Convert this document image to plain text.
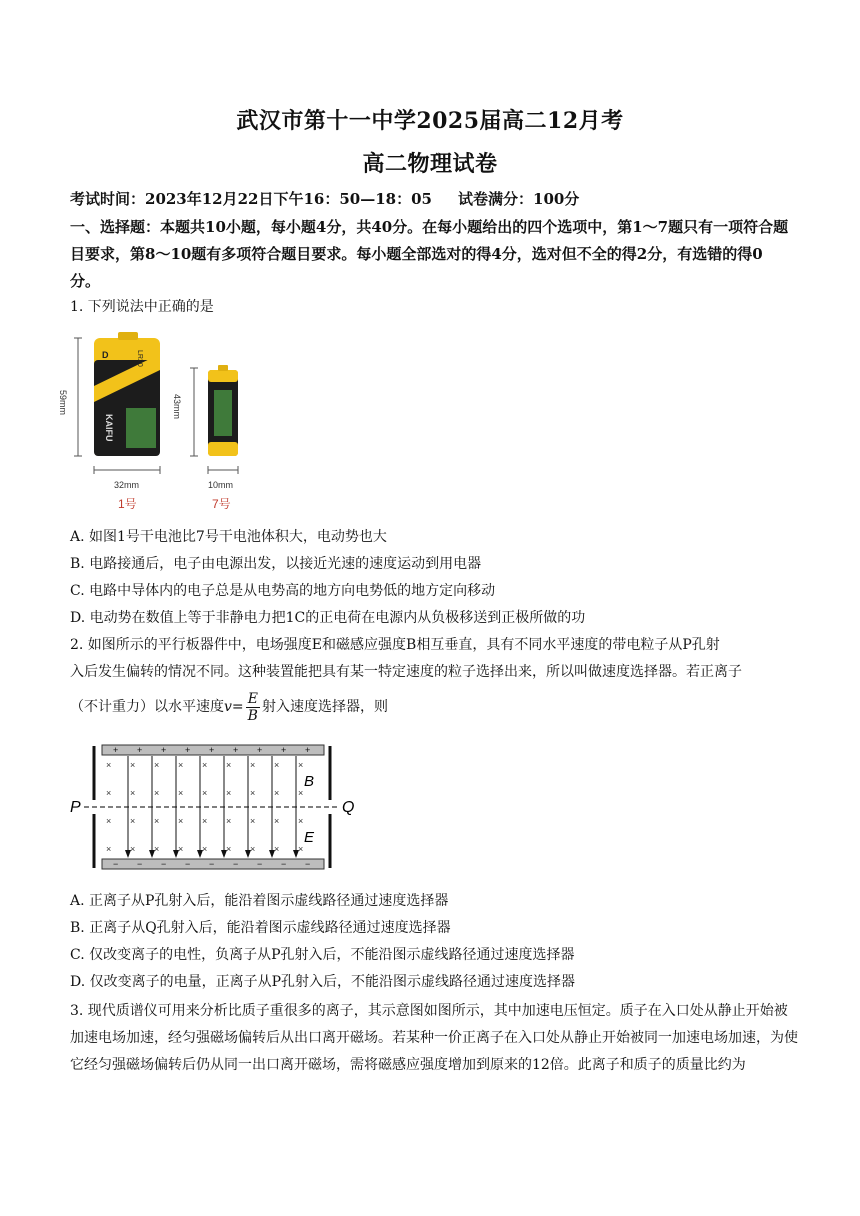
武汉市第十一中学2025届高二12月考
高二物理试卷
考试时间：2023年12月22日下午16：50—18：05 试卷满分：100分
一、选择题：本题共10小题，每小题4分，共40分。在每小题给出的四个选项中，第1～7题只有一项符合题目要求，第8～10题有多项符合题目要求。每小题全部选对的得4分，选对但不全的得2分，有选错的得0分。
1. 下列说法中正确的是
59mm
D	LR20
KAIFU
32mm
1号
43mm
10mm
7号
A. 如图1号干电池比7号干电池体积大，电动势也大
B. 电路接通后，电子由电源出发，以接近光速的速度运动到用电器
C. 电路中导体内的电子总是从电势高的地方向电势低的地方定向移动
D. 电动势在数值上等于非静电力把1C的正电荷在电源内从负极移送到正极所做的功
2. 如图所示的平行板器件中，电场强度E和磁感应强度B相互垂直，具有不同水平速度的带电粒子从P孔射
入后发生偏转的情况不同。这种装置能把具有某一特定速度的粒子选择出来，所以叫做速度选择器。若正离子
（不计重力）以水平速度$v= \frac{E}{B}$ 射入速度选择器，则
P	Q
B
E
+
−
×
×
×
×
+
−
×
×
×
×
+
−
×
×
×
×
+
−
×
×
×
×
+
−
×
×
×
×
+
−
×
×
×
×
+
−
×
×
×
×
+
−
×
×
×
×
+
−
×
×
×
×
A. 正离子从P孔射入后，能沿着图示虚线路径通过速度选择器
B. 正离子从Q孔射入后，能沿着图示虚线路径通过速度选择器
C. 仅改变离子的电性，负离子从P孔射入后，不能沿图示虚线路径通过速度选择器
D. 仅改变离子的电量，正离子从P孔射入后，不能沿图示虚线路径通过速度选择器
3. 现代质谱仪可用来分析比质子重很多的离子，其示意图如图所示，其中加速电压恒定。质子在入口处从静止开始被加速电场加速，经匀强磁场偏转后从出口离开磁场。若某种一价正离子在入口处从静止开始被同一加速电场加速，为使它经匀强磁场偏转后仍从同一出口离开磁场，需将磁感应强度增加到原来的12倍。此离子和质子的质量比约为
